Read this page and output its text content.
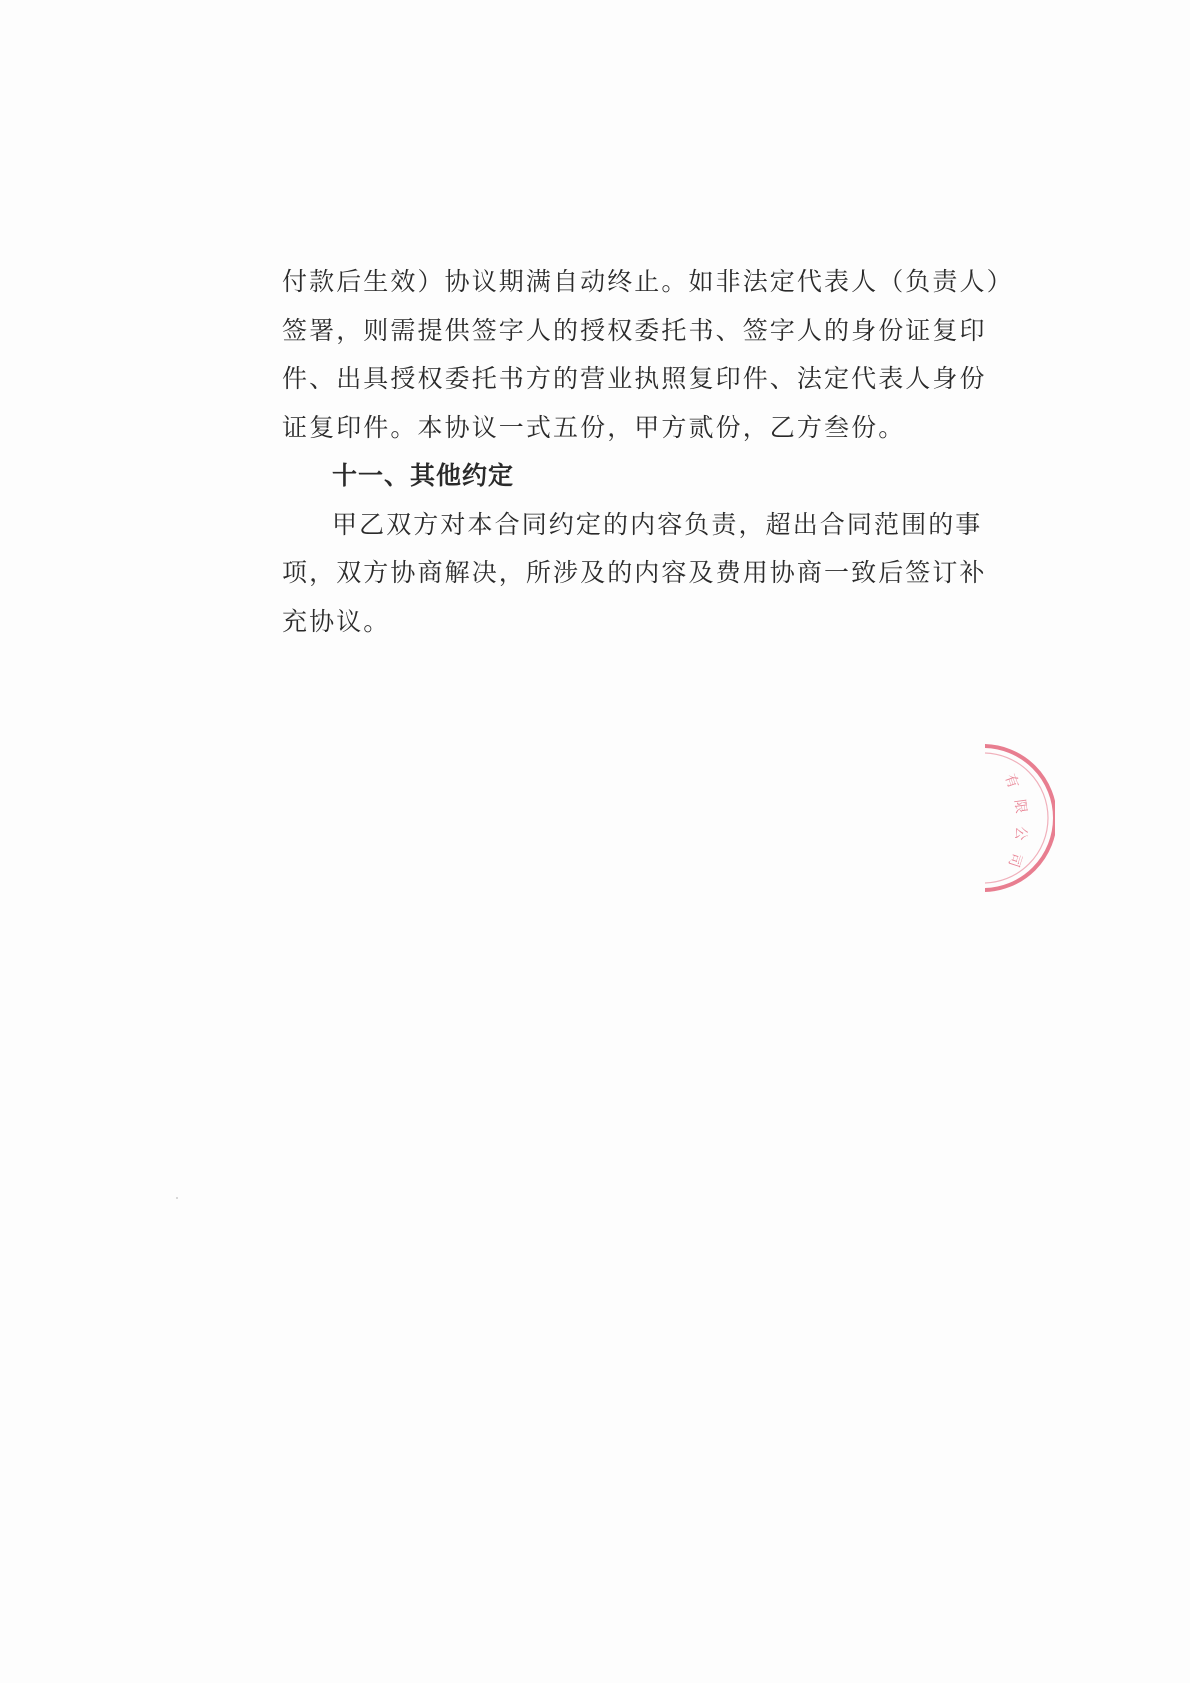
付款后生效）协议期满自动终止。如非法定代表人（负责人）
签署，则需提供签字人的授权委托书、签字人的身份证复印
件、出具授权委托书方的营业执照复印件、法定代表人身份
证复印件。本协议一式五份，甲方贰份，乙方叁份。
十一、其他约定
甲乙双方对本合同约定的内容负责，超出合同范围的事
项，双方协商解决，所涉及的内容及费用协商一致后签订补
充协议。
有
限
公
司
